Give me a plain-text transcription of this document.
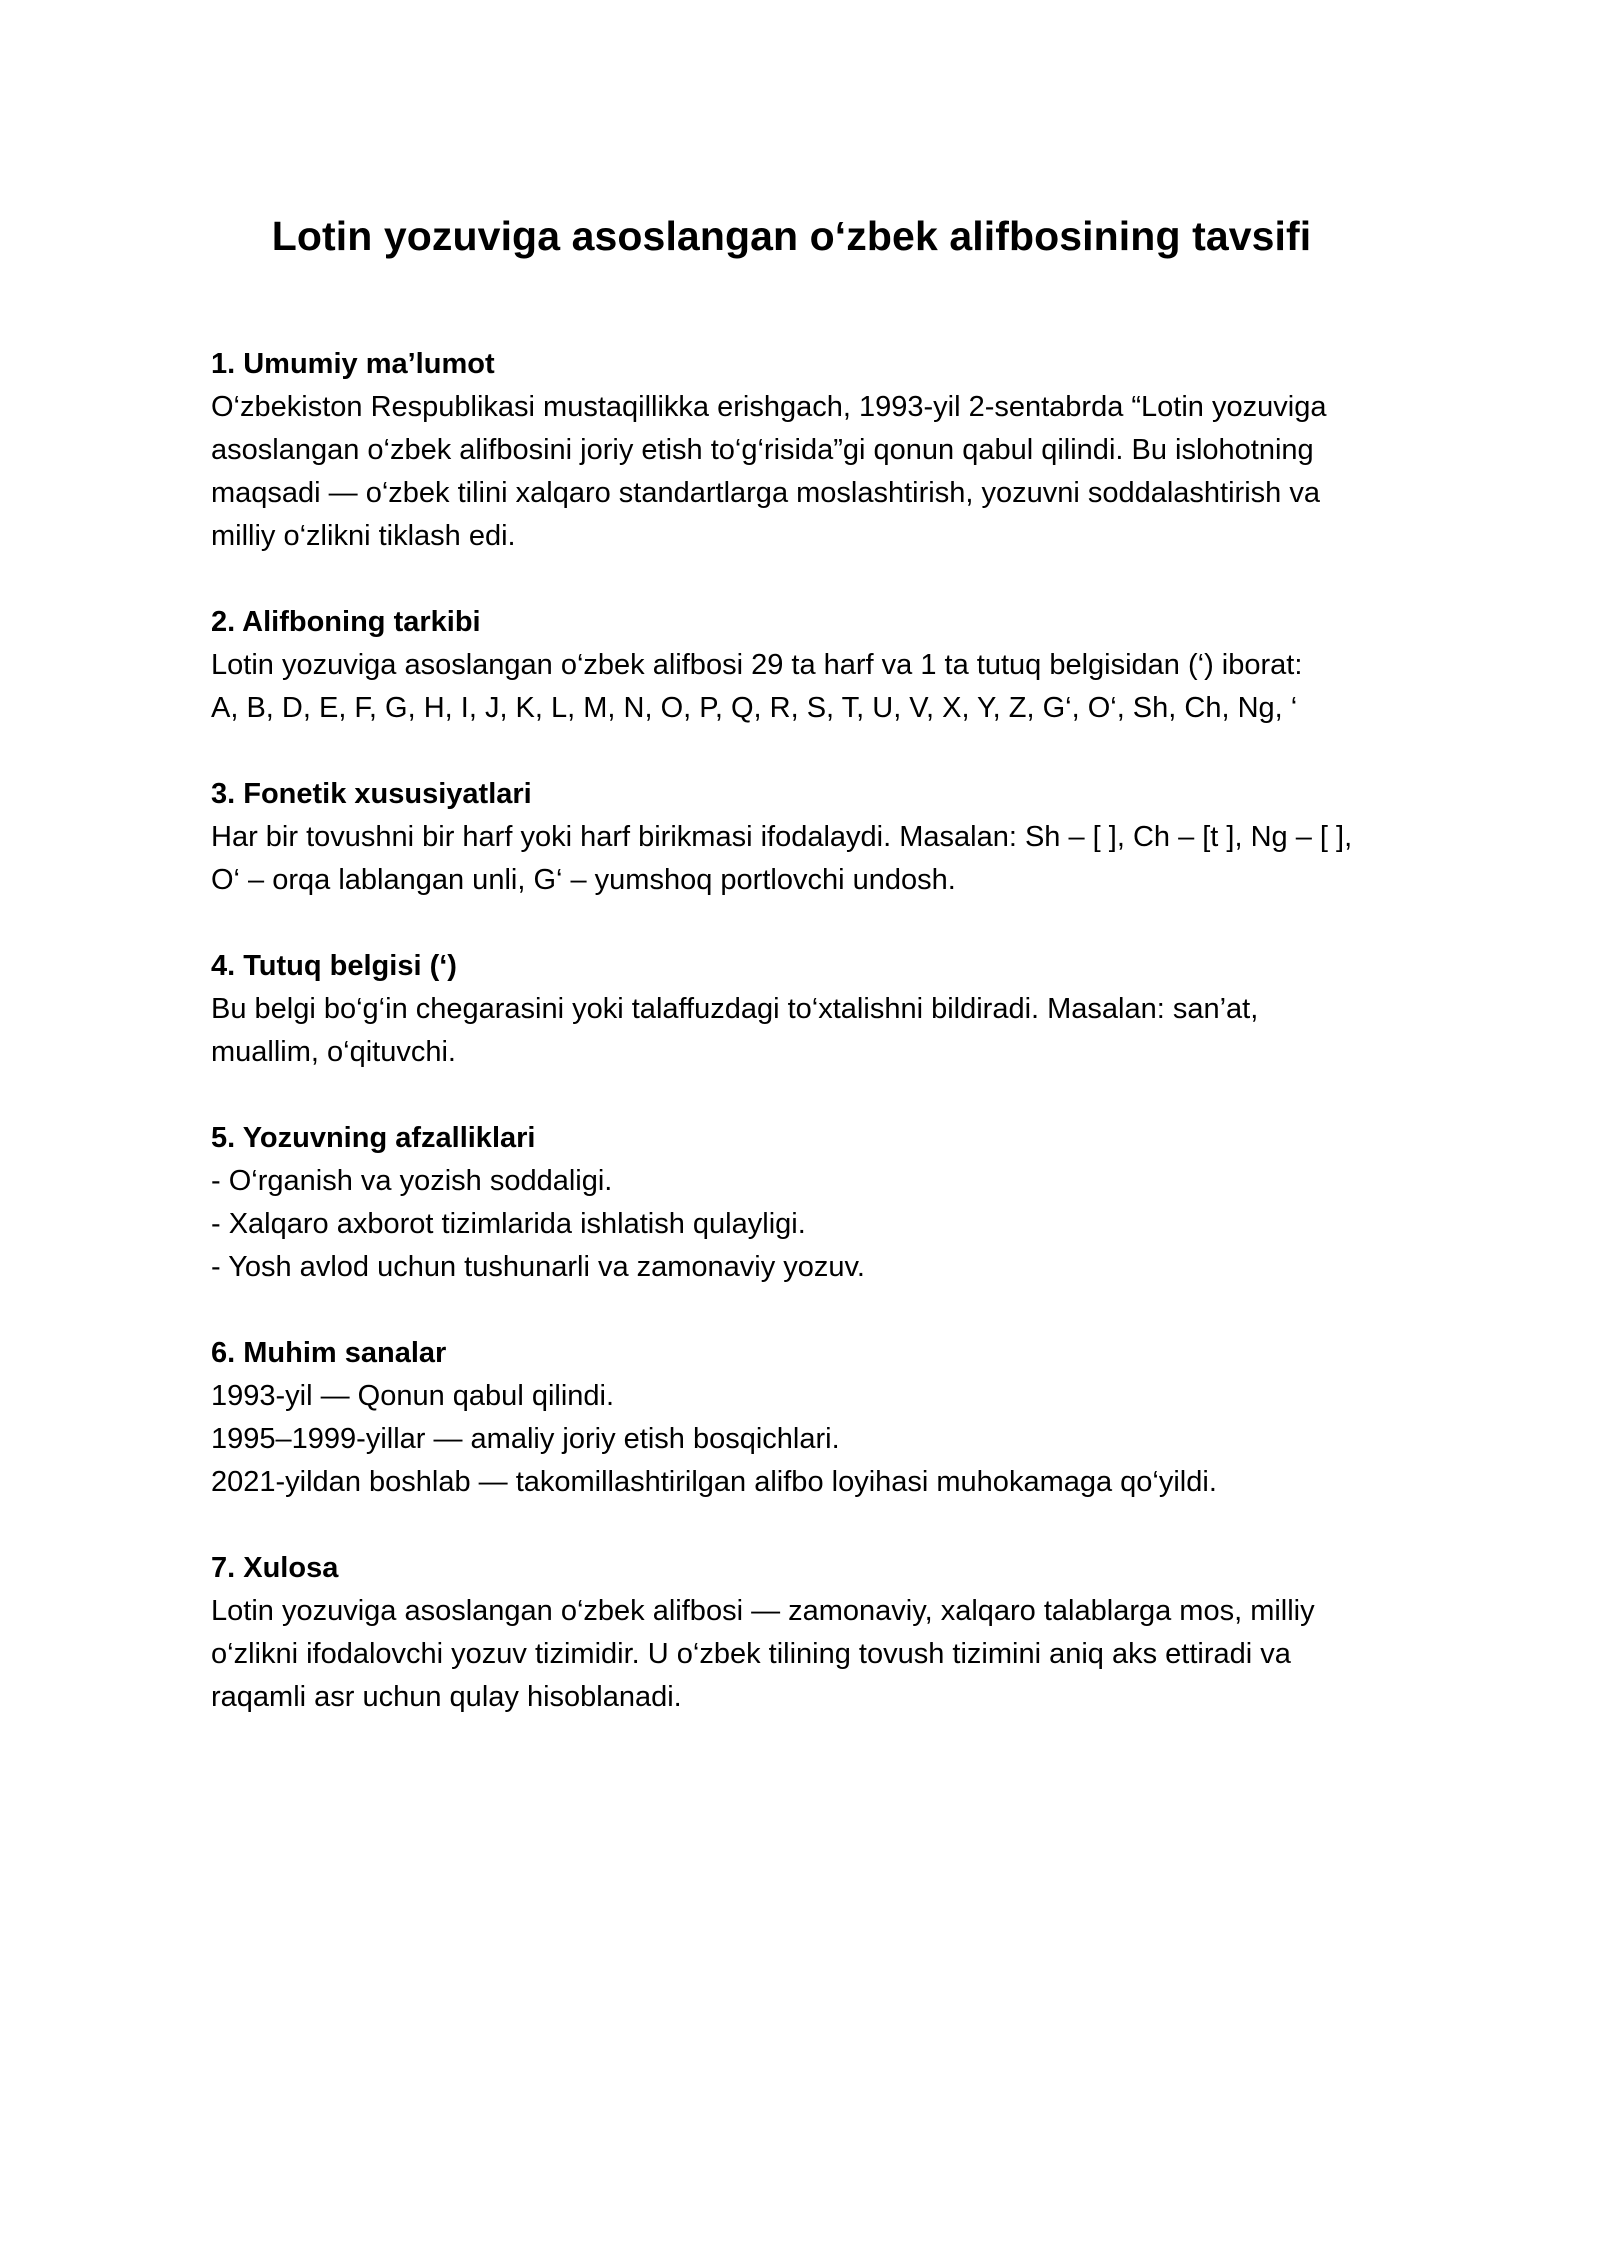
Lotin yozuviga asoslangan o‘zbek alifbosining tavsifi

1. Umumiy ma’lumot

O‘zbekiston Respublikasi mustaqillikka erishgach, 1993-yil 2-sentabrda “Lotin yozuviga asoslangan o‘zbek alifbosini joriy etish to‘g‘risida”gi qonun qabul qilindi. Bu islohotning maqsadi — o‘zbek tilini xalqaro standartlarga moslashtirish, yozuvni soddalashtirish va milliy o‘zlikni tiklash edi.

2. Alifboning tarkibi

Lotin yozuviga asoslangan o‘zbek alifbosi 29 ta harf va 1 ta tutuq belgisidan (‘) iborat:

A, B, D, E, F, G, H, I, J, K, L, M, N, O, P, Q, R, S, T, U, V, X, Y, Z, G‘, O‘, Sh, Ch, Ng, ‘

3. Fonetik xususiyatlari

Har bir tovushni bir harf yoki harf birikmasi ifodalaydi. Masalan: Sh – [ ], Ch – [t ], Ng – [ ], O‘ – orqa lablangan unli, G‘ – yumshoq portlovchi undosh.

4. Tutuq belgisi (‘)

Bu belgi bo‘g‘in chegarasini yoki talaffuzdagi to‘xtalishni bildiradi. Masalan: san’at, muallim, o‘qituvchi.

5. Yozuvning afzalliklari

- O‘rganish va yozish soddaligi.

- Xalqaro axborot tizimlarida ishlatish qulayligi.

- Yosh avlod uchun tushunarli va zamonaviy yozuv.

6. Muhim sanalar

1993-yil — Qonun qabul qilindi.

1995–1999-yillar — amaliy joriy etish bosqichlari.

2021-yildan boshlab — takomillashtirilgan alifbo loyihasi muhokamaga qo‘yildi.

7. Xulosa

Lotin yozuviga asoslangan o‘zbek alifbosi — zamonaviy, xalqaro talablarga mos, milliy o‘zlikni ifodalovchi yozuv tizimidir. U o‘zbek tilining tovush tizimini aniq aks ettiradi va raqamli asr uchun qulay hisoblanadi.
